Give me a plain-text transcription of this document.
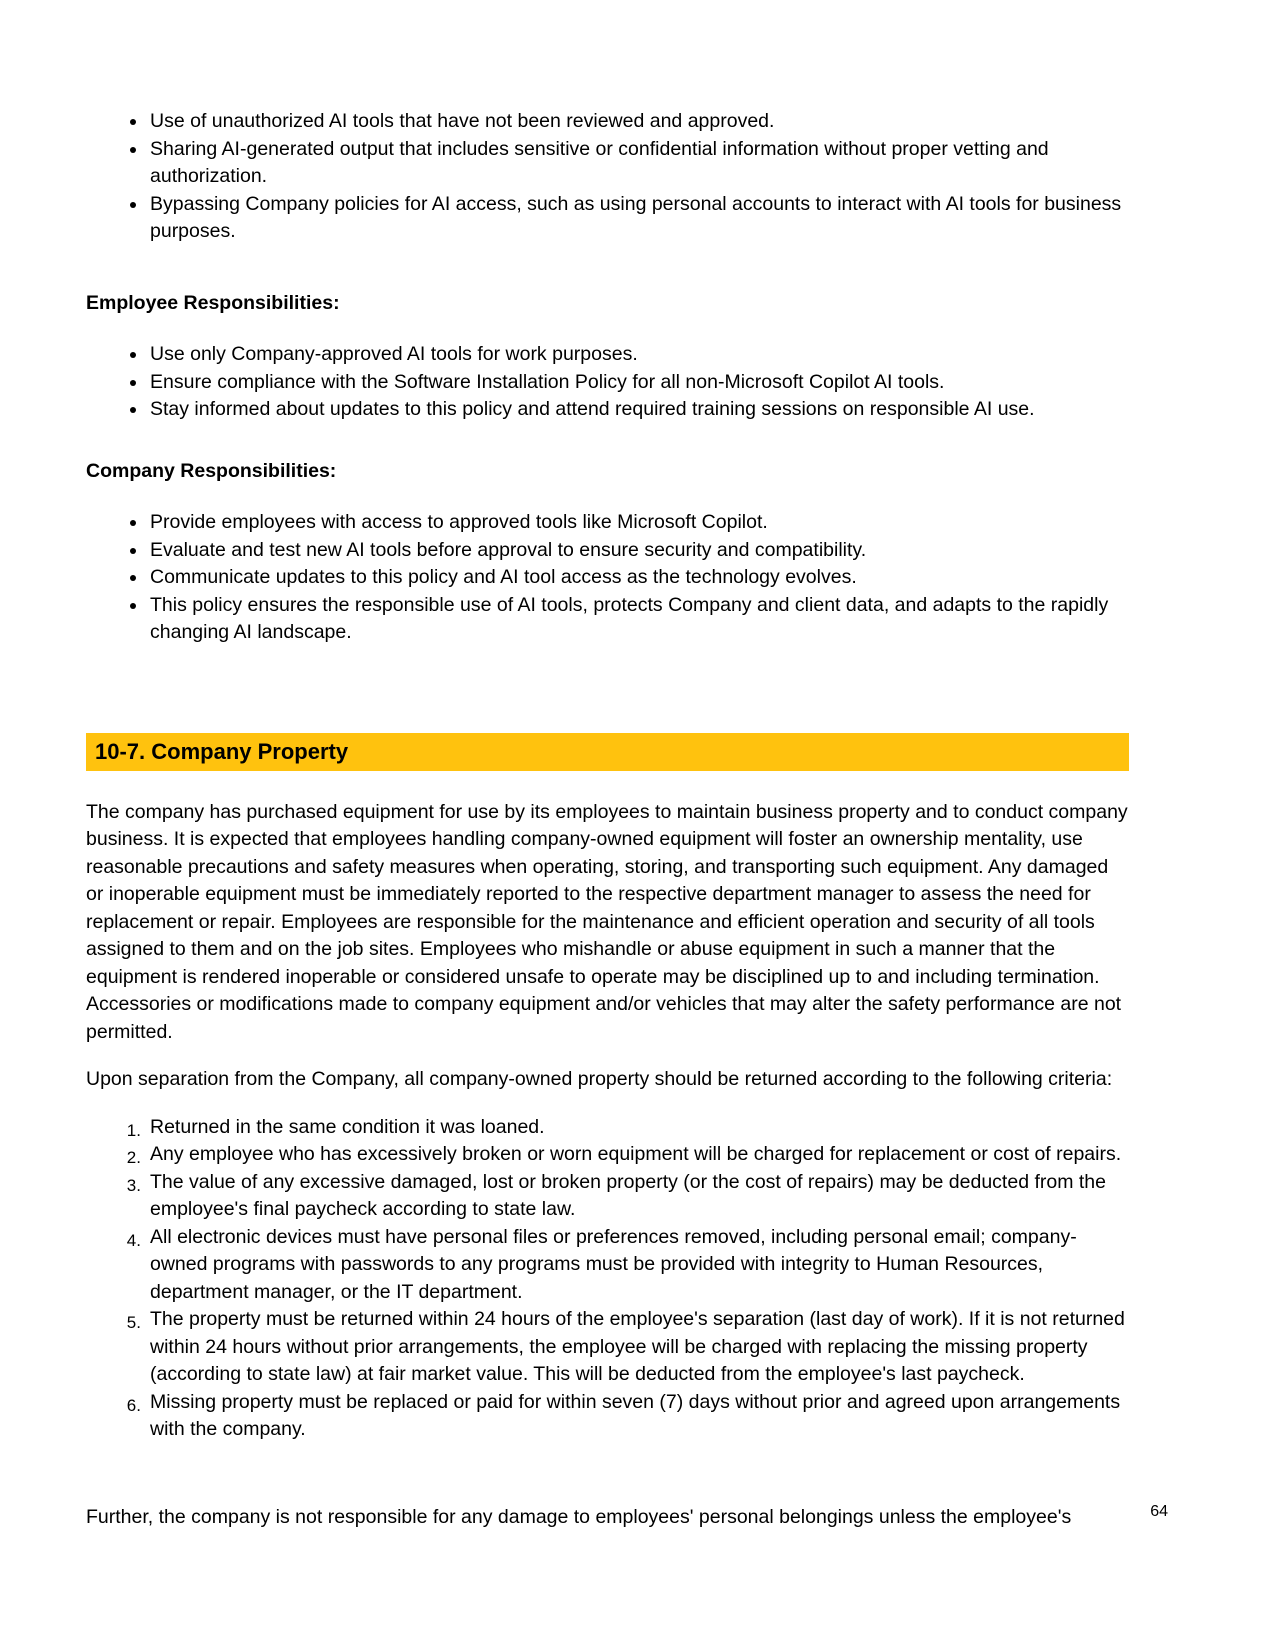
Use of unauthorized AI tools that have not been reviewed and approved.
Sharing AI-generated output that includes sensitive or confidential information without proper vetting and authorization.
Bypassing Company policies for AI access, such as using personal accounts to interact with AI tools for business purposes.
Employee Responsibilities:
Use only Company-approved AI tools for work purposes.
Ensure compliance with the Software Installation Policy for all non-Microsoft Copilot AI tools.
Stay informed about updates to this policy and attend required training sessions on responsible AI use.
Company Responsibilities:
Provide employees with access to approved tools like Microsoft Copilot.
Evaluate and test new AI tools before approval to ensure security and compatibility.
Communicate updates to this policy and AI tool access as the technology evolves.
This policy ensures the responsible use of AI tools, protects Company and client data, and adapts to the rapidly changing AI landscape.
10-7. Company Property

The company has purchased equipment for use by its employees to maintain business property and to conduct company business. It is expected that employees handling company-owned equipment will foster an ownership mentality, use reasonable precautions and safety measures when operating, storing, and transporting such equipment. Any damaged or inoperable equipment must be immediately reported to the respective department manager to assess the need for replacement or repair. Employees are responsible for the maintenance and efficient operation and security of all tools assigned to them and on the job sites. Employees who mishandle or abuse equipment in such a manner that the equipment is rendered inoperable or considered unsafe to operate may be disciplined up to and including termination. Accessories or modifications made to company equipment and/or vehicles that may alter the safety performance are not permitted.

Upon separation from the Company, all company-owned property should be returned according to the following criteria:

Returned in the same condition it was loaned.
Any employee who has excessively broken or worn equipment will be charged for replacement or cost of repairs.
The value of any excessive damaged, lost or broken property (or the cost of repairs) may be deducted from the employee's final paycheck according to state law.
All electronic devices must have personal files or preferences removed, including personal email; company-owned programs with passwords to any programs must be provided with integrity to Human Resources, department manager, or the IT department.
The property must be returned within 24 hours of the employee's separation (last day of work). If it is not returned within 24 hours without prior arrangements, the employee will be charged with replacing the missing property (according to state law) at fair market value. This will be deducted from the employee's last paycheck.
Missing property must be replaced or paid for within seven (7) days without prior and agreed upon arrangements with the company.

Further, the company is not responsible for any damage to employees' personal belongings unless the employee's	64
